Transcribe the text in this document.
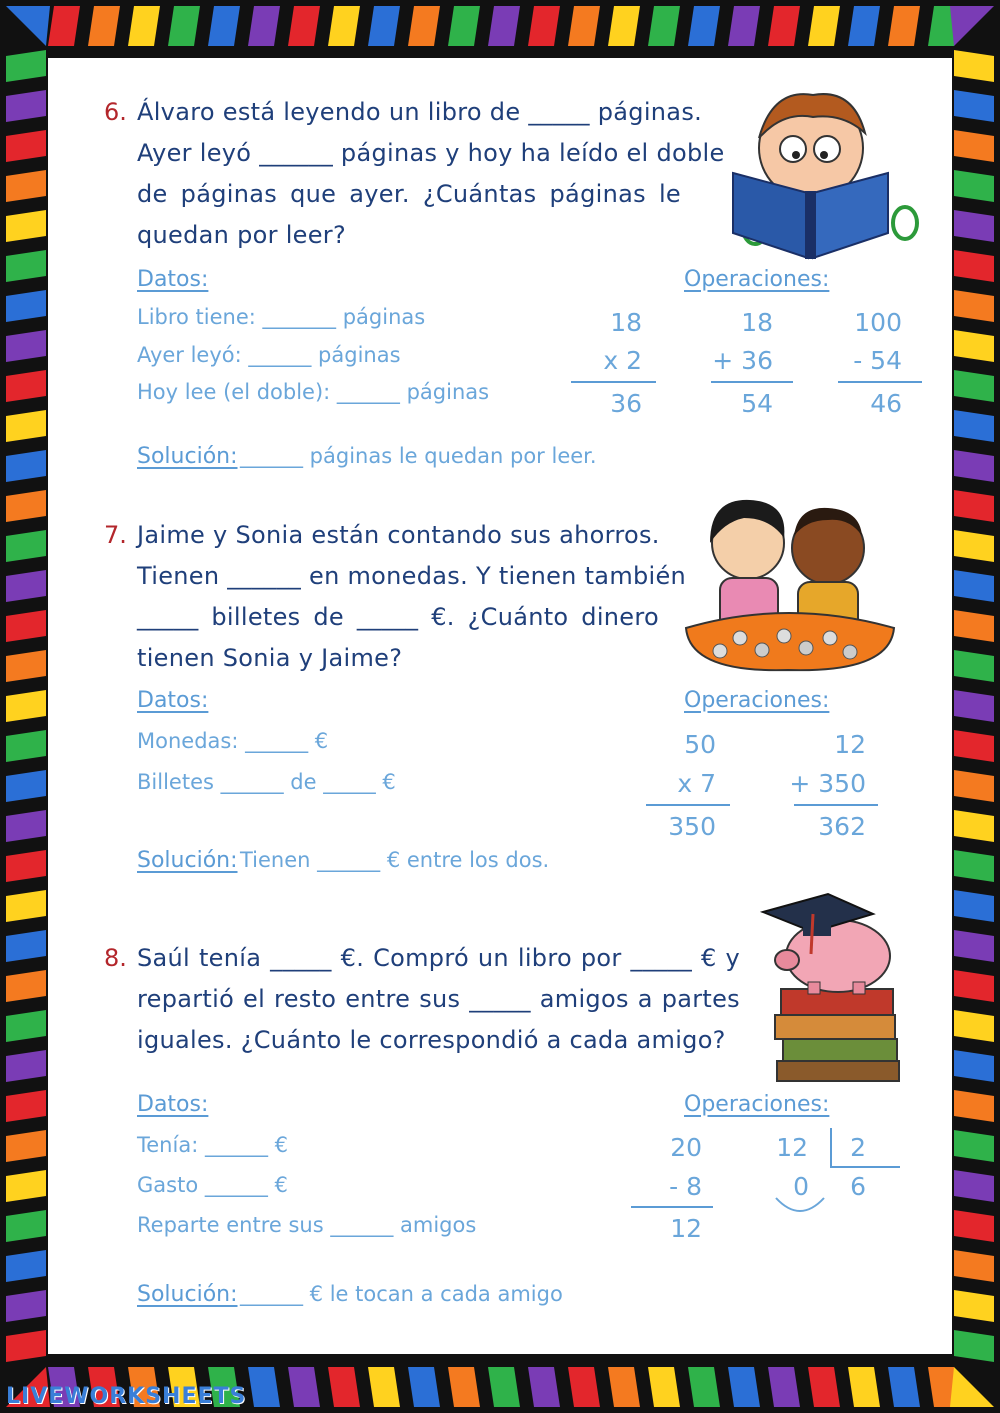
6. Álvaro está leyendo un libro de _____ páginas.
Ayer leyó ______ páginas y hoy ha leído el doble
de páginas que ayer. ¿Cuántas páginas le
quedan por leer?
Datos:	Operaciones:
Libro tiene: _______ páginas
Ayer leyó: ______ páginas
Hoy lee (el doble): ______ páginas
18
x 2
36
18
+ 36
54
100
- 54
46
Solución: ______ páginas le quedan por leer.
7. Jaime y Sonia están contando sus ahorros.
Tienen ______ en monedas. Y tienen también
_____ billetes de _____ €. ¿Cuánto dinero
tienen Sonia y Jaime?
Datos:	Operaciones:
Monedas: ______ €
Billetes ______ de _____ €
50
x 7
350
12
+ 350
362
Solución: Tienen ______ € entre los dos.
8. Saúl tenía _____ €. Compró un libro por _____ € y
repartió el resto entre sus _____ amigos a partes
iguales. ¿Cuánto le correspondió a cada amigo?
Datos:	Operaciones:
Tenía: ______ €
Gasto ______ €
Reparte entre sus ______ amigos
20
- 8
12
12	2
0	6
Solución: ______ € le tocan a cada amigo
LIVEWORKSHEETS
